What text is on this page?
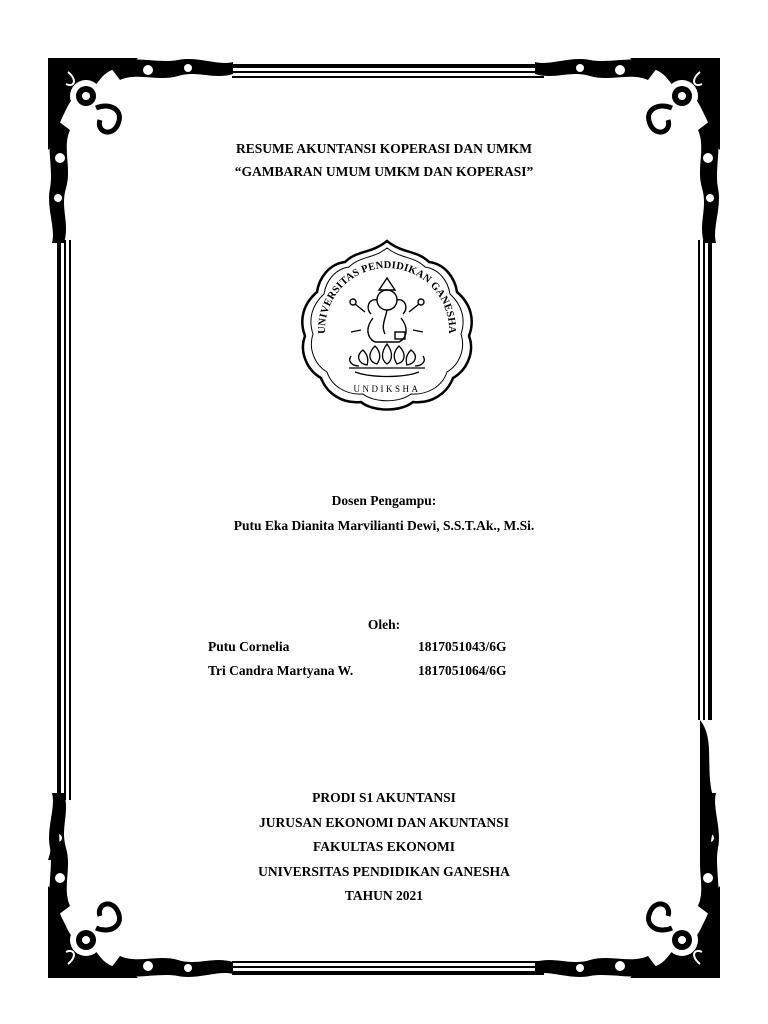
RESUME AKUNTANSI KOPERASI DAN UMKM
“GAMBARAN UMUM UMKM DAN KOPERASI”
UNIVERSITAS PENDIDIKAN GANESHA
UNDIKSHA
Dosen Pengampu:
Putu Eka Dianita Marvilianti Dewi, S.S.T.Ak., M.Si.
Oleh:
Putu Cornelia	1817051043/6G
Tri Candra Martyana W.	1817051064/6G
PRODI S1 AKUNTANSI
JURUSAN EKONOMI DAN AKUNTANSI
FAKULTAS EKONOMI
UNIVERSITAS PENDIDIKAN GANESHA
TAHUN 2021
